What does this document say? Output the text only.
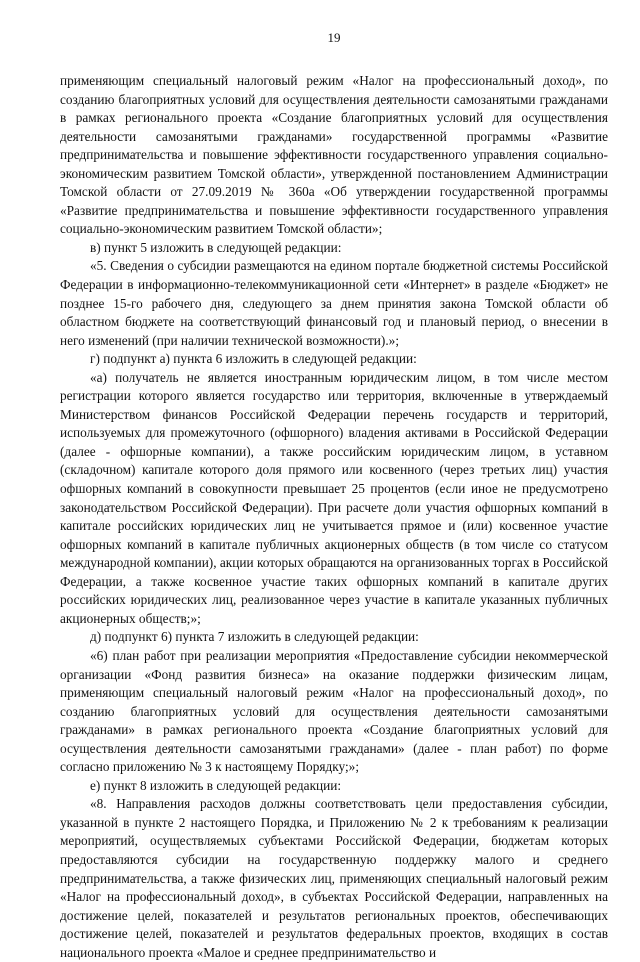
19

применяющим специальный налоговый режим «Налог на профессиональный доход», по созданию благоприятных условий для осуществления деятельности самозанятыми гражданами в рамках регионального проекта «Создание благоприятных условий для осуществления деятельности самозанятыми гражданами» государственной программы «Развитие предпринимательства и повышение эффективности государственного управления социально-экономическим развитием Томской области», утвержденной постановлением Администрации Томской области от 27.09.2019 № 360а «Об утверждении государственной программы «Развитие предпринимательства и повышение эффективности государственного управления социально-экономическим развитием Томской области»;

в) пункт 5 изложить в следующей редакции:

«5. Сведения о субсидии размещаются на едином портале бюджетной системы Российской Федерации в информационно-телекоммуникационной сети «Интернет» в разделе «Бюджет» не позднее 15-го рабочего дня, следующего за днем принятия закона Томской области об областном бюджете на соответствующий финансовый год и плановый период, о внесении в него изменений (при наличии технической возможности).»;

г) подпункт а) пункта 6 изложить в следующей редакции:

«а) получатель не является иностранным юридическим лицом, в том числе местом регистрации которого является государство или территория, включенные в утверждаемый Министерством финансов Российской Федерации перечень государств и территорий, используемых для промежуточного (офшорного) владения активами в Российской Федерации (далее - офшорные компании), а также российским юридическим лицом, в уставном (складочном) капитале которого доля прямого или косвенного (через третьих лиц) участия офшорных компаний в совокупности превышает 25 процентов (если иное не предусмотрено законодательством Российской Федерации). При расчете доли участия офшорных компаний в капитале российских юридических лиц не учитывается прямое и (или) косвенное участие офшорных компаний в капитале публичных акционерных обществ (в том числе со статусом международной компании), акции которых обращаются на организованных торгах в Российской Федерации, а также косвенное участие таких офшорных компаний в капитале других российских юридических лиц, реализованное через участие в капитале указанных публичных акционерных обществ;»;

д) подпункт 6) пункта 7 изложить в следующей редакции:

«6) план работ при реализации мероприятия «Предоставление субсидии некоммерческой организации «Фонд развития бизнеса» на оказание поддержки физическим лицам, применяющим специальный налоговый режим «Налог на профессиональный доход», по созданию благоприятных условий для осуществления деятельности самозанятыми гражданами» в рамках регионального проекта «Создание благоприятных условий для осуществления деятельности самозанятыми гражданами» (далее - план работ) по форме согласно приложению № 3 к настоящему Порядку;»;

е) пункт 8 изложить в следующей редакции:

«8. Направления расходов должны соответствовать цели предоставления субсидии, указанной в пункте 2 настоящего Порядка, и Приложению № 2 к требованиям к реализации мероприятий, осуществляемых субъектами Российской Федерации, бюджетам которых предоставляются субсидии на государственную поддержку малого и среднего предпринимательства, а также физических лиц, применяющих специальный налоговый режим «Налог на профессиональный доход», в субъектах Российской Федерации, направленных на достижение целей, показателей и результатов региональных проектов, обеспечивающих достижение целей, показателей и результатов федеральных проектов, входящих в состав национального проекта «Малое и среднее предпринимательство и
